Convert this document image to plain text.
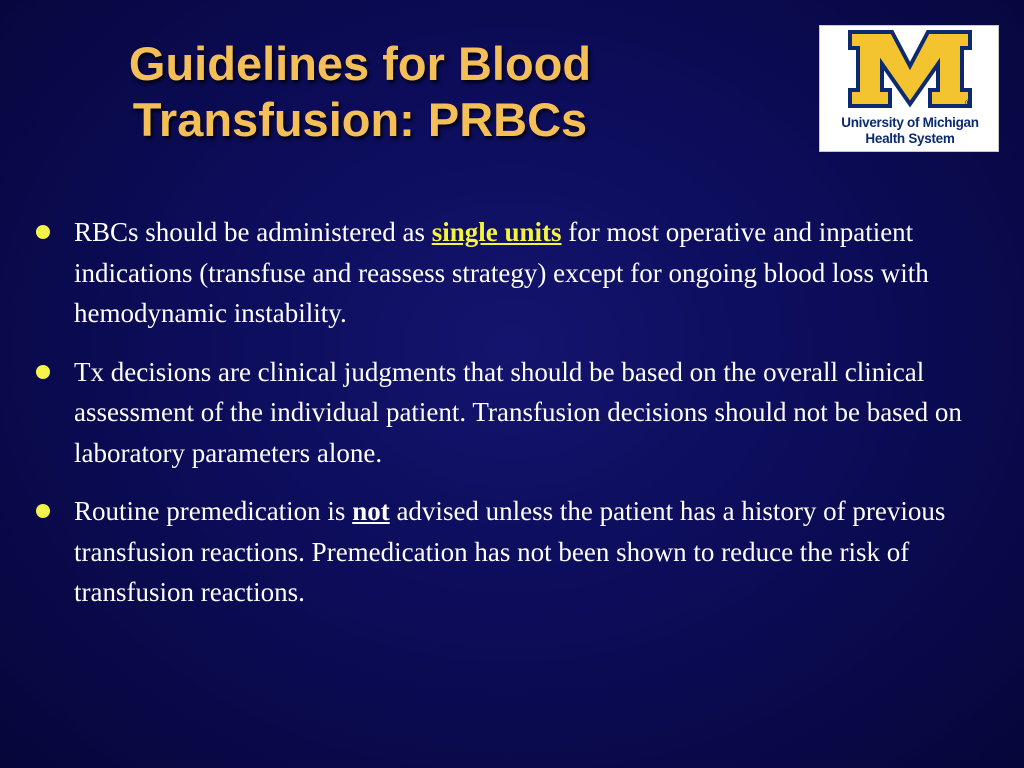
Guidelines for Blood
Transfusion: PRBCs	®
University of Michigan
Health System
RBCs should be administered as single units for most operative and inpatient indications (transfuse and reassess strategy) except for ongoing blood loss with hemodynamic instability.
Tx decisions are clinical judgments that should be based on the overall clinical assessment of the individual patient. Transfusion decisions should not be based on laboratory parameters alone.
Routine premedication is not advised unless the patient has a history of previous transfusion reactions. Premedication has not been shown to reduce the risk of transfusion reactions.
